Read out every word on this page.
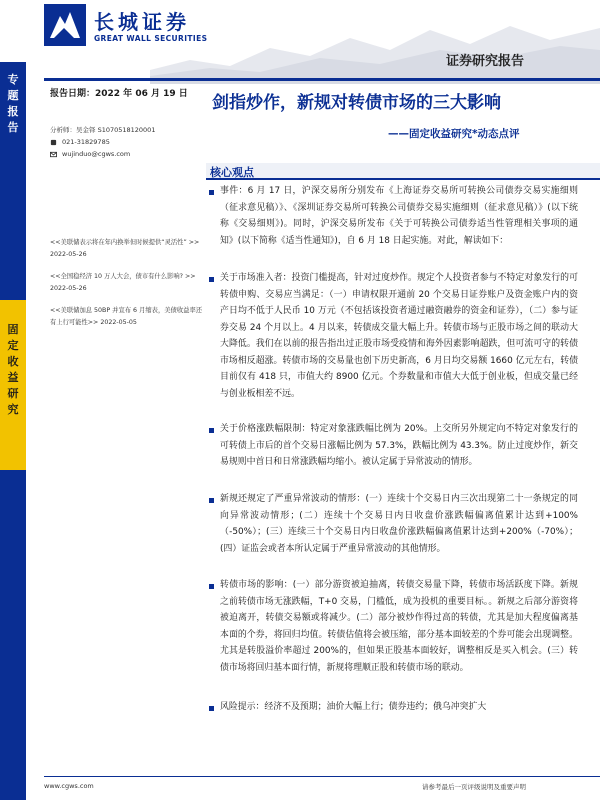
长城证券
GREAT WALL SECURITIES
证券研究报告
专题报告
固定收益研究
报告日期：2022 年 06 月 19 日 剑指炒作，新规对转债市场的三大影响
——固定收益研究*动态点评
分析师：吴金铎 S1070518120001
021-31829785
wujinduo@cgws.com
<<美联储表示将在年内换举但时候提供“灵活性” >> 2022-05-26
<<全国稳经济 10 万人大会，债市有什么影响? >> 2022-05-26
<<美联储加息 50BP 并宣布 6 月缩表，美债收益率还有上行可能性>> 2022-05-05
核心观点
事件：6 月 17 日，沪深交易所分别发布《上海证券交易所可转换公司债券交易实施细则（征求意见稿）》、《深圳证券交易所可转换公司债券交易实施细则（征求意见稿）》(以下统称《交易细则》)。同时，沪深交易所发布《关于可转换公司债券适当性管理相关事项的通知》(以下简称《适当性通知》)，自 6 月 18 日起实施。对此，解读如下：
关于市场准入者：投资门槛提高，针对过度炒作。规定个人投资者参与不特定对象发行的可转债申购、交易应当满足：（一）申请权限开通前 20 个交易日证券账户及资金账户内的资产日均不低于人民币 10 万元（不包括该投资者通过融资融券的资金和证券），（二）参与证券交易 24 个月以上。4 月以来，转债成交量大幅上升。转债市场与正股市场之间的联动大大降低。我们在以前的报告指出过正股市场受疫情和海外因素影响超跌，但可流可守的转债市场相反超涨。转债市场的交易量也创下历史新高，6 月日均交易额 1660 亿元左右，转债目前仅有 418 只，市值大约 8900 亿元。个券数量和市值大大低于创业板，但成交量已经与创业板相差不远。
关于价格涨跌幅限制：特定对象涨跌幅比例为 20%。上交所另外规定向不特定对象发行的可转债上市后的首个交易日涨幅比例为 57.3%，跌幅比例为 43.3%。防止过度炒作，新交易规则中首日和日常涨跌幅均缩小。被认定属于异常波动的情形。
新规还规定了严重异常波动的情形：(一）连续十个交易日内三次出现第二十一条规定的同向异常波动情形；(二）连续十个交易日内日收盘价涨跌幅偏离值累计达到+100%（-50%）；(三）连续三十个交易日内日收盘价涨跌幅偏离值累计达到+200%（-70%）；(四）证监会或者本所认定属于严重异常波动的其他情形。
转债市场的影响：(一）部分游资被迫抽离，转债交易量下降，转债市场活跃度下降。新规之前转债市场无涨跌幅，T+0 交易，门槛低，成为投机的重要目标。。新规之后部分游资将被迫离开，转债交易额或将减少。(二）部分被炒作得过高的转债，尤其是加大程度偏离基本面的个券，将回归均值。转债估值将会被压缩，部分基本面较差的个券可能会出现调整。尤其是转股溢价率超过 200%的，但如果正股基本面较好，调整相反是买入机会。(三）转债市场将回归基本面行情，新规将理顺正股和转债市场的联动。
风险提示：经济不及预期；油价大幅上行；债券违约；俄乌冲突扩大
www.cgws.com	请参考最后一页评级说明及重要声明
